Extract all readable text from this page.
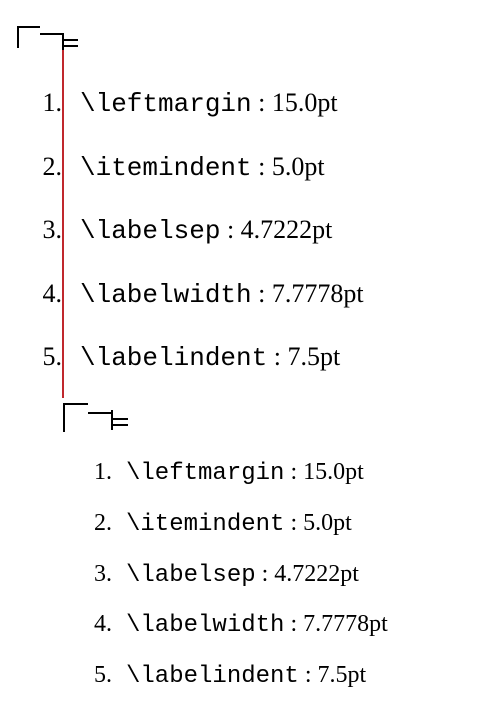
1. \leftmargin : 15.0pt
2. \itemindent : 5.0pt
3. \labelsep : 4.7222pt
4. \labelwidth : 7.7778pt
5. \labelindent : 7.5pt
1. \leftmargin : 15.0pt
2. \itemindent : 5.0pt
3. \labelsep : 4.7222pt
4. \labelwidth : 7.7778pt
5. \labelindent : 7.5pt
